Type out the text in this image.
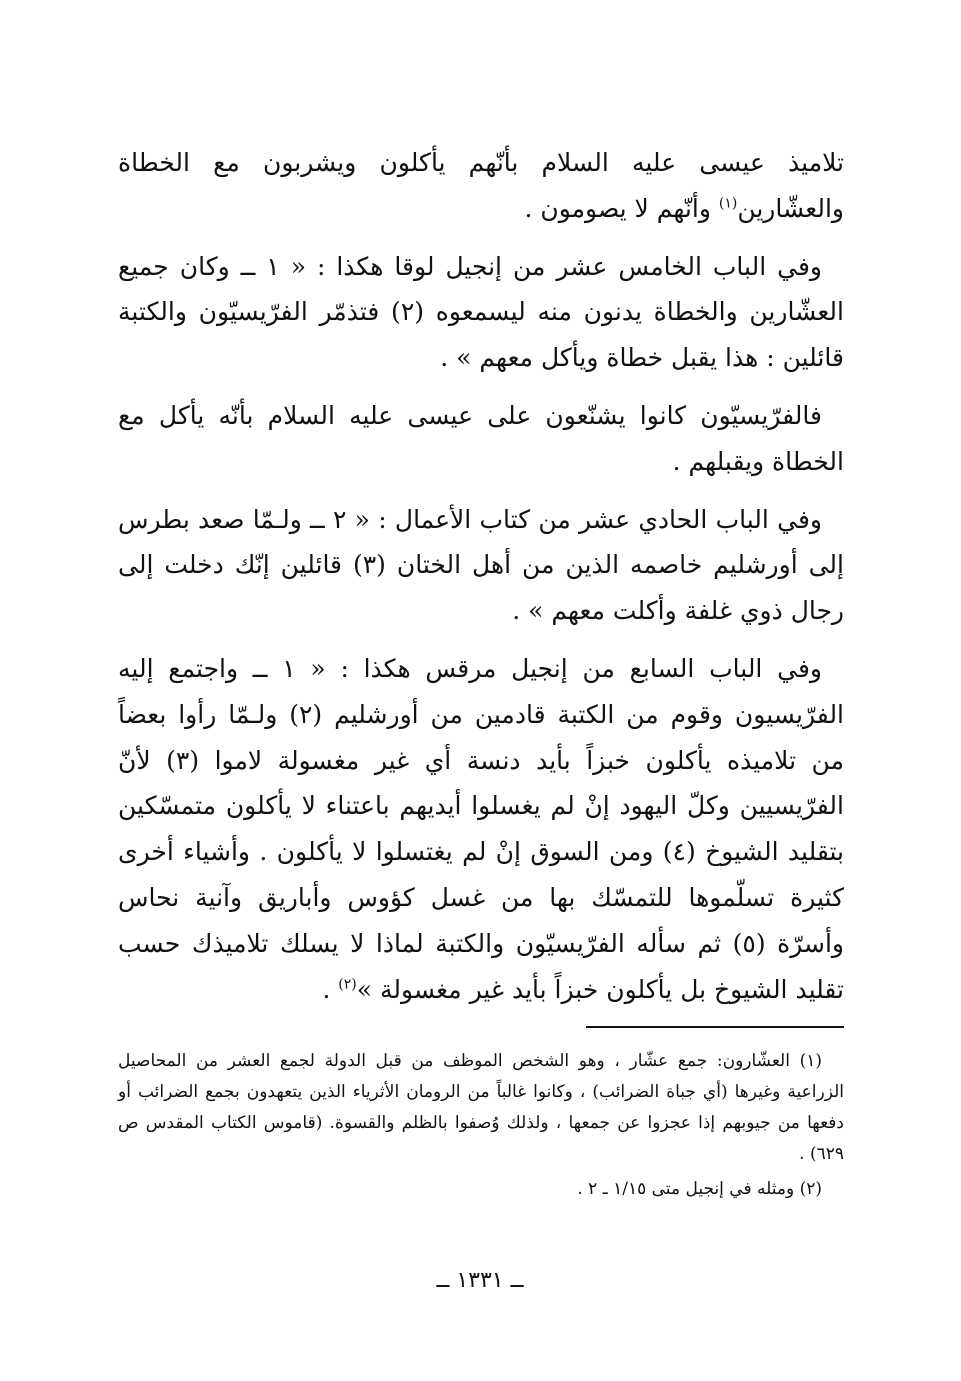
تلاميذ عيسى عليه السلام بأنّهم يأكلون ويشربون مع الخطاة والعشّارين$^{(١)}$ وأنّهم لا يصومون .

وفي الباب الخامس عشر من إنجيل لوقا هكذا : « ١ ــ وكان جميع العشّارين والخطاة يدنون منه ليسمعوه (٢) فتذمّر الفرّيسيّون والكتبة قائلين : هذا يقبل خطاة ويأكل معهم » .

فالفرّيسيّون كانوا يشنّعون على عيسى عليه السلام بأنّه يأكل مع الخطاة ويقبلهم .

وفي الباب الحادي عشر من كتاب الأعمال : « ٢ ــ ولـمّا صعد بطرس إلى أورشليم خاصمه الذين من أهل الختان (٣) قائلين إنّك دخلت إلى رجال ذوي غلفة وأكلت معهم » .

وفي الباب السابع من إنجيل مرقس هكذا : « ١ ــ واجتمع إليه الفرّيسيون وقوم من الكتبة قادمين من أورشليم (٢) ولـمّا رأوا بعضاً من تلاميذه يأكلون خبزاً بأيد دنسة أي غير مغسولة لاموا (٣) لأنّ الفرّيسيين وكلّ اليهود إنْ لم يغسلوا أيديهم باعتناء لا يأكلون متمسّكين بتقليد الشيوخ (٤) ومن السوق إنْ لم يغتسلوا لا يأكلون . وأشياء أخرى كثيرة تسلّموها للتمسّك بها من غسل كؤوس وأباريق وآنية نحاس وأسرّة (٥) ثم سأله الفرّيسيّون والكتبة لماذا لا يسلك تلاميذك حسب تقليد الشيوخ بل يأكلون خبزاً بأيد غير مغسولة »$^{(٢)}$ .

(١) العشّارون: جمع عشّار ، وهو الشخص الموظف من قبل الدولة لجمع العشر من المحاصيل الزراعية وغيرها (أي جباة الضرائب) ، وكانوا غالباً من الرومان الأثرياء الذين يتعهدون بجمع الضرائب أو دفعها من جيوبهم إذا عجزوا عن جمعها ، ولذلك وُصفوا بالظلم والقسوة. (قاموس الكتاب المقدس ص ٦٢٩) .

(٢) ومثله في إنجيل متى ١/١٥ ـ ٢ .

ــ ١٣٣١ ــ
